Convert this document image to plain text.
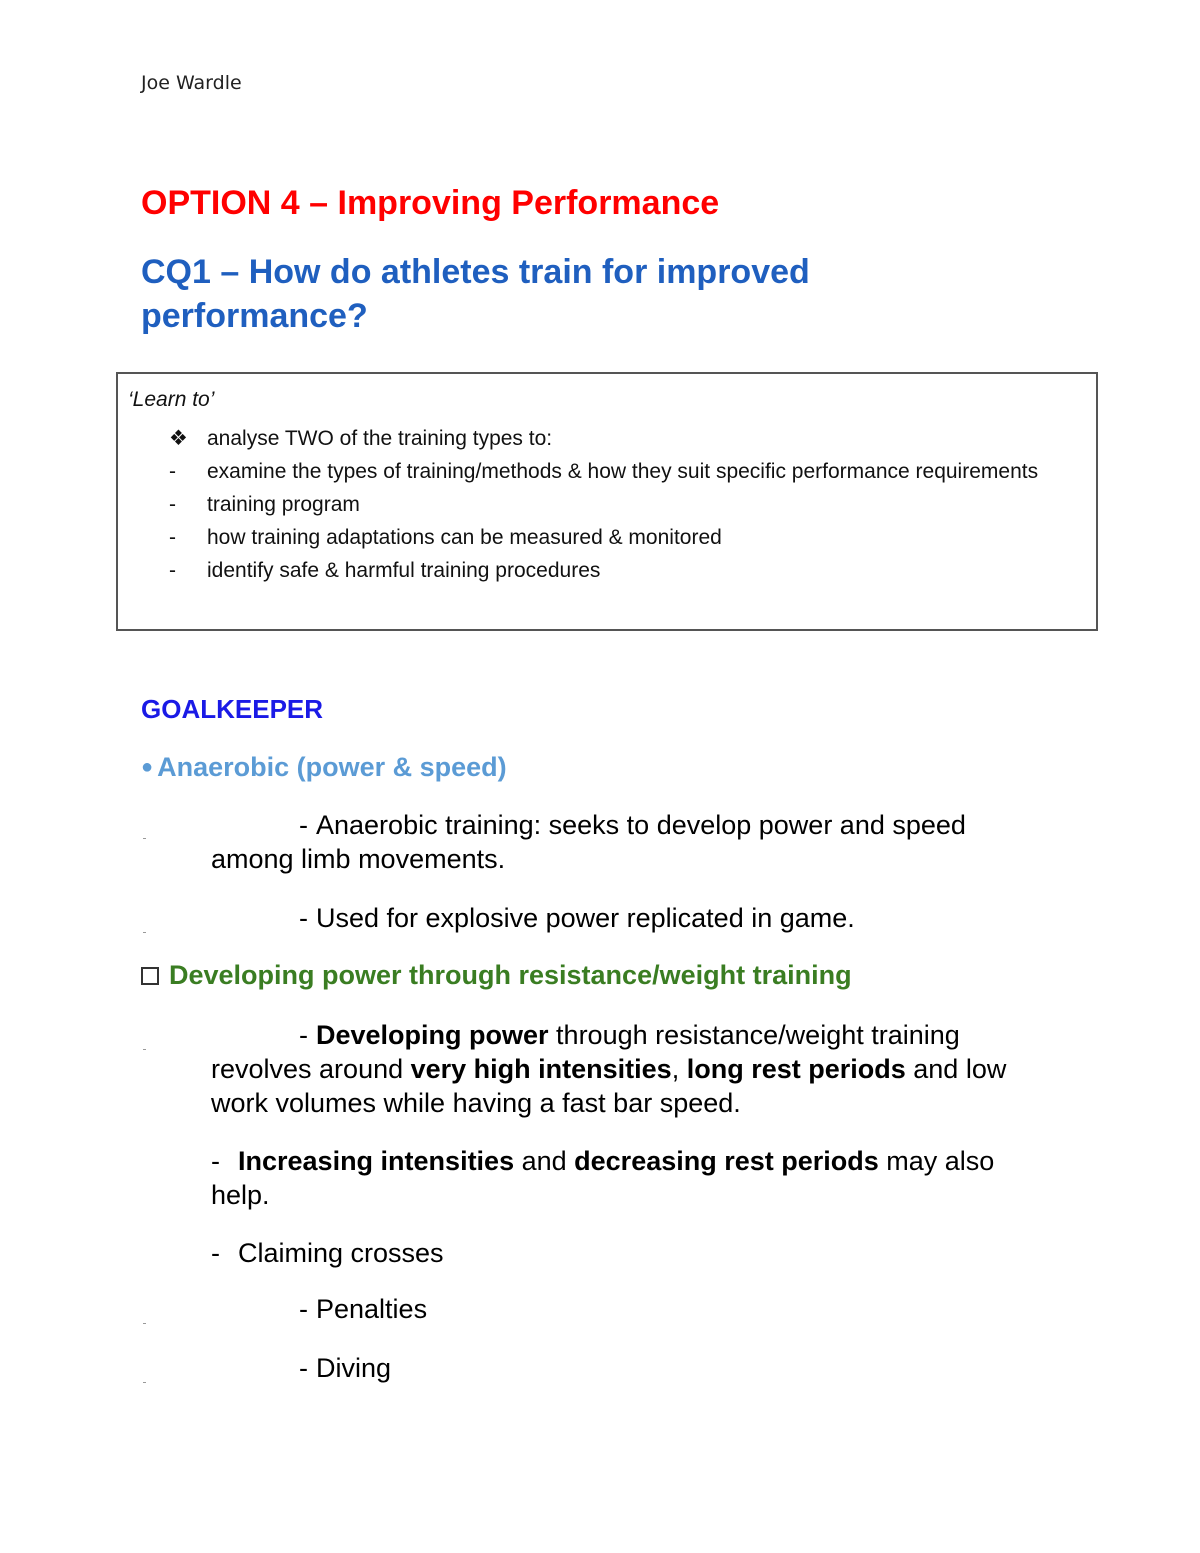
Joe Wardle
OPTION 4 – Improving Performance
CQ1 – How do athletes train for improved performance?
‘Learn to’
❖ analyse TWO of the training types to:
-	examine the types of training/methods & how they suit specific performance requirements
-	training program
-	how training adaptations can be measured & monitored
-	identify safe & harmful training procedures
GOALKEEPER
● Anaerobic (power & speed)
- Anaerobic training: seeks to develop power and speed among limb movements.
- Used for explosive power replicated in game.
Developing power through resistance/weight training
- Developing power through resistance/weight training revolves around very high intensities, long rest periods and low work volumes while having a fast bar speed.
- Increasing intensities and decreasing rest periods may also help.
- Claiming crosses
- Penalties
- Diving
